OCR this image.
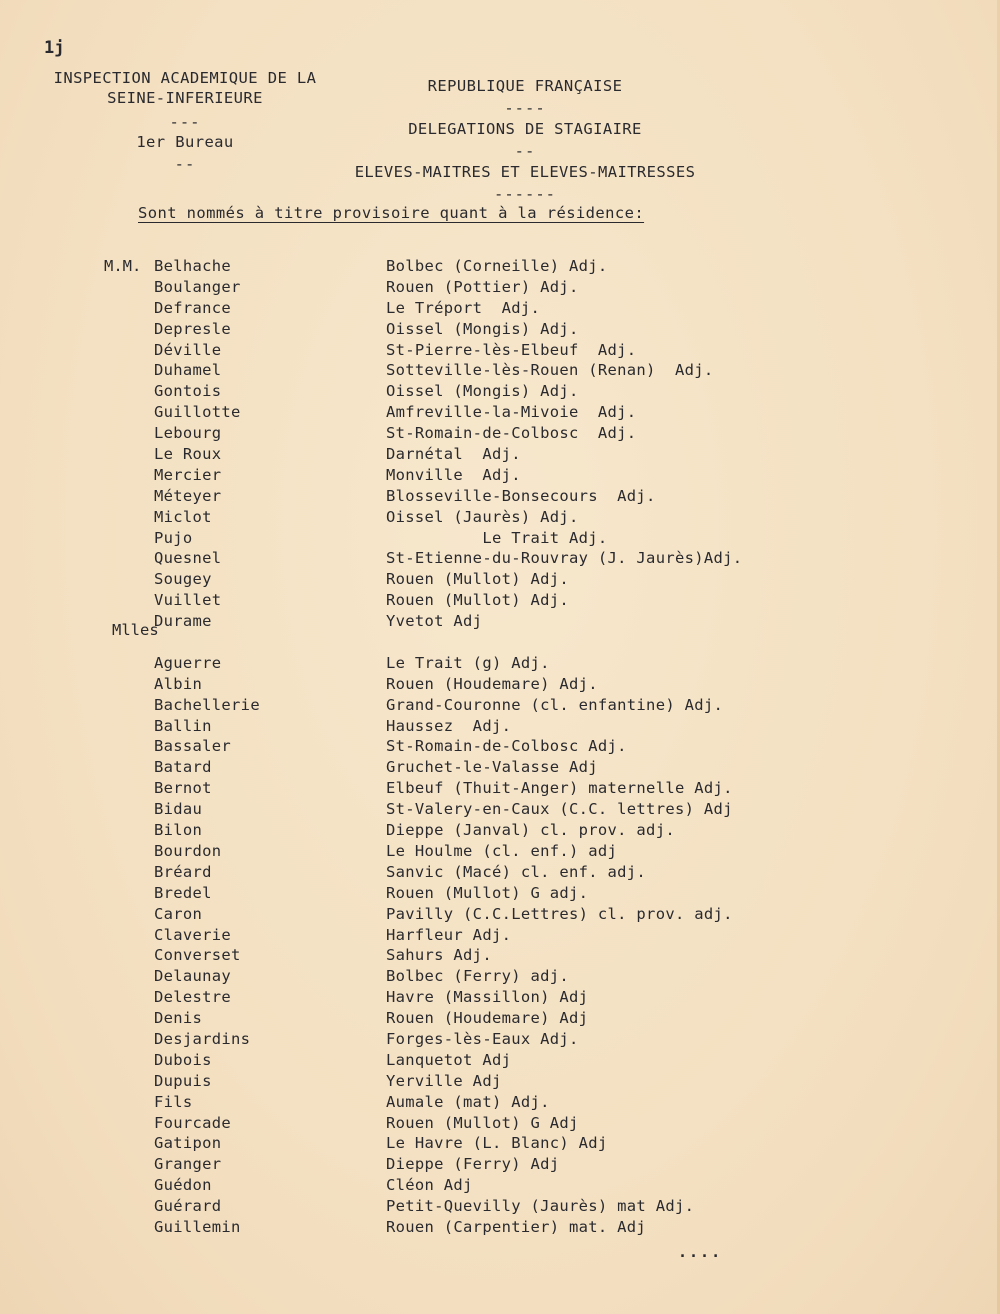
1j
INSPECTION ACADEMIQUE DE LA
SEINE-INFERIEURE
---
1er Bureau
--
REPUBLIQUE FRANÇAISE
----
DELEGATIONS DE STAGIAIRE
--
ELEVES-MAITRES ET ELEVES-MAITRESSES
------
Sont nommés à titre provisoire quant à la résidence:
M.M.
Mlles
Belhache
Boulanger
Defrance
Depresle
Déville
Duhamel
Gontois
Guillotte
Lebourg
Le Roux
Mercier
Méteyer
Miclot
Pujo
Quesnel
Sougey
Vuillet
Durame
Aguerre
Albin
Bachellerie
Ballin
Bassaler
Batard
Bernot
Bidau
Bilon
Bourdon
Bréard
Bredel
Caron
Claverie
Converset
Delaunay
Delestre
Denis
Desjardins
Dubois
Dupuis
Fils
Fourcade
Gatipon
Granger
Guédon
Guérard
Guillemin
Bolbec (Corneille) Adj.
Rouen (Pottier) Adj.
Le Tréport  Adj.
Oissel (Mongis) Adj.
St-Pierre-lès-Elbeuf  Adj.
Sotteville-lès-Rouen (Renan)  Adj.
Oissel (Mongis) Adj.
Amfreville-la-Mivoie  Adj.
St-Romain-de-Colbosc  Adj.
Darnétal  Adj.
Monville  Adj.
Blosseville-Bonsecours  Adj.
Oissel (Jaurès) Adj.
Le Trait Adj.
St-Etienne-du-Rouvray (J. Jaurès)Adj.
Rouen (Mullot) Adj.
Rouen (Mullot) Adj.
Yvetot Adj
Le Trait (g) Adj.
Rouen (Houdemare) Adj.
Grand-Couronne (cl. enfantine) Adj.
Haussez  Adj.
St-Romain-de-Colbosc Adj.
Gruchet-le-Valasse Adj
Elbeuf (Thuit-Anger) maternelle Adj.
St-Valery-en-Caux (C.C. lettres) Adj
Dieppe (Janval) cl. prov. adj.
Le Houlme (cl. enf.) adj
Sanvic (Macé) cl. enf. adj.
Rouen (Mullot) G adj.
Pavilly (C.C.Lettres) cl. prov. adj.
Harfleur Adj.
Sahurs Adj.
Bolbec (Ferry) adj.
Havre (Massillon) Adj
Rouen (Houdemare) Adj
Forges-lès-Eaux Adj.
Lanquetot Adj
Yerville Adj
Aumale (mat) Adj.
Rouen (Mullot) G Adj
Le Havre (L. Blanc) Adj
Dieppe (Ferry) Adj
Cléon Adj
Petit-Quevilly (Jaurès) mat Adj.
Rouen (Carpentier) mat. Adj
....
